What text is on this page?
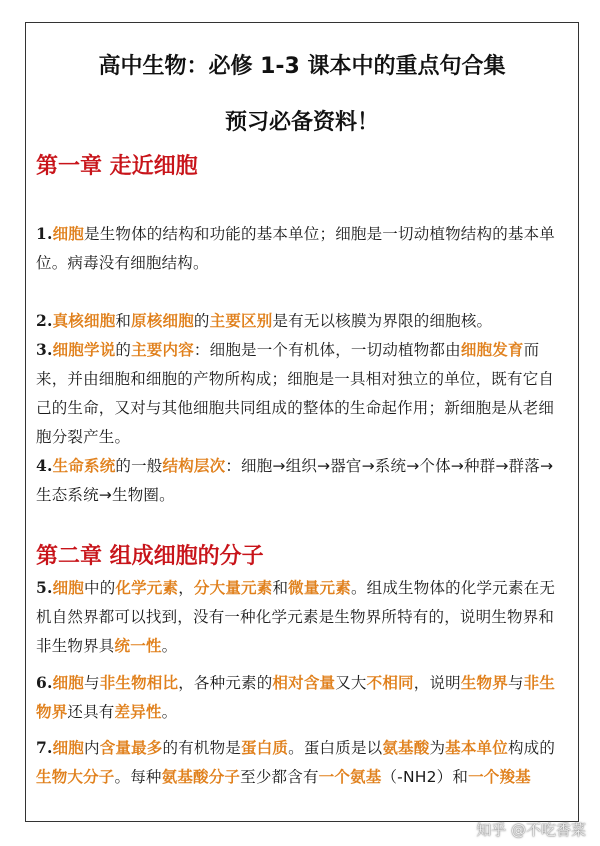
高中生物：必修 1-3 课本中的重点句合集
预习必备资料！
第一章 走近细胞

1.细胞是生物体的结构和功能的基本单位；细胞是一切动植物结构的基本单位。病毒没有细胞结构。

2.真核细胞和原核细胞的主要区别是有无以核膜为界限的细胞核。

3.细胞学说的主要内容：细胞是一个有机体，一切动植物都由细胞发育而来，并由细胞和细胞的产物所构成；细胞是一具相对独立的单位，既有它自己的生命，又对与其他细胞共同组成的整体的生命起作用；新细胞是从老细胞分裂产生。

4.生命系统的一般结构层次：细胞→组织→器官→系统→个体→种群→群落→生态系统→生物圈。

第二章 组成细胞的分子

5.细胞中的化学元素，分大量元素和微量元素。组成生物体的化学元素在无机自然界都可以找到，没有一种化学元素是生物界所特有的，说明生物界和非生物界具统一性。

6.细胞与非生物相比，各种元素的相对含量又大不相同，说明生物界与非生物界还具有差异性。

7.细胞内含量最多的有机物是蛋白质。蛋白质是以氨基酸为基本单位构成的生物大分子。每种氨基酸分子至少都含有一个氨基（-NH2）和一个羧基

知乎 @不吃香菜
